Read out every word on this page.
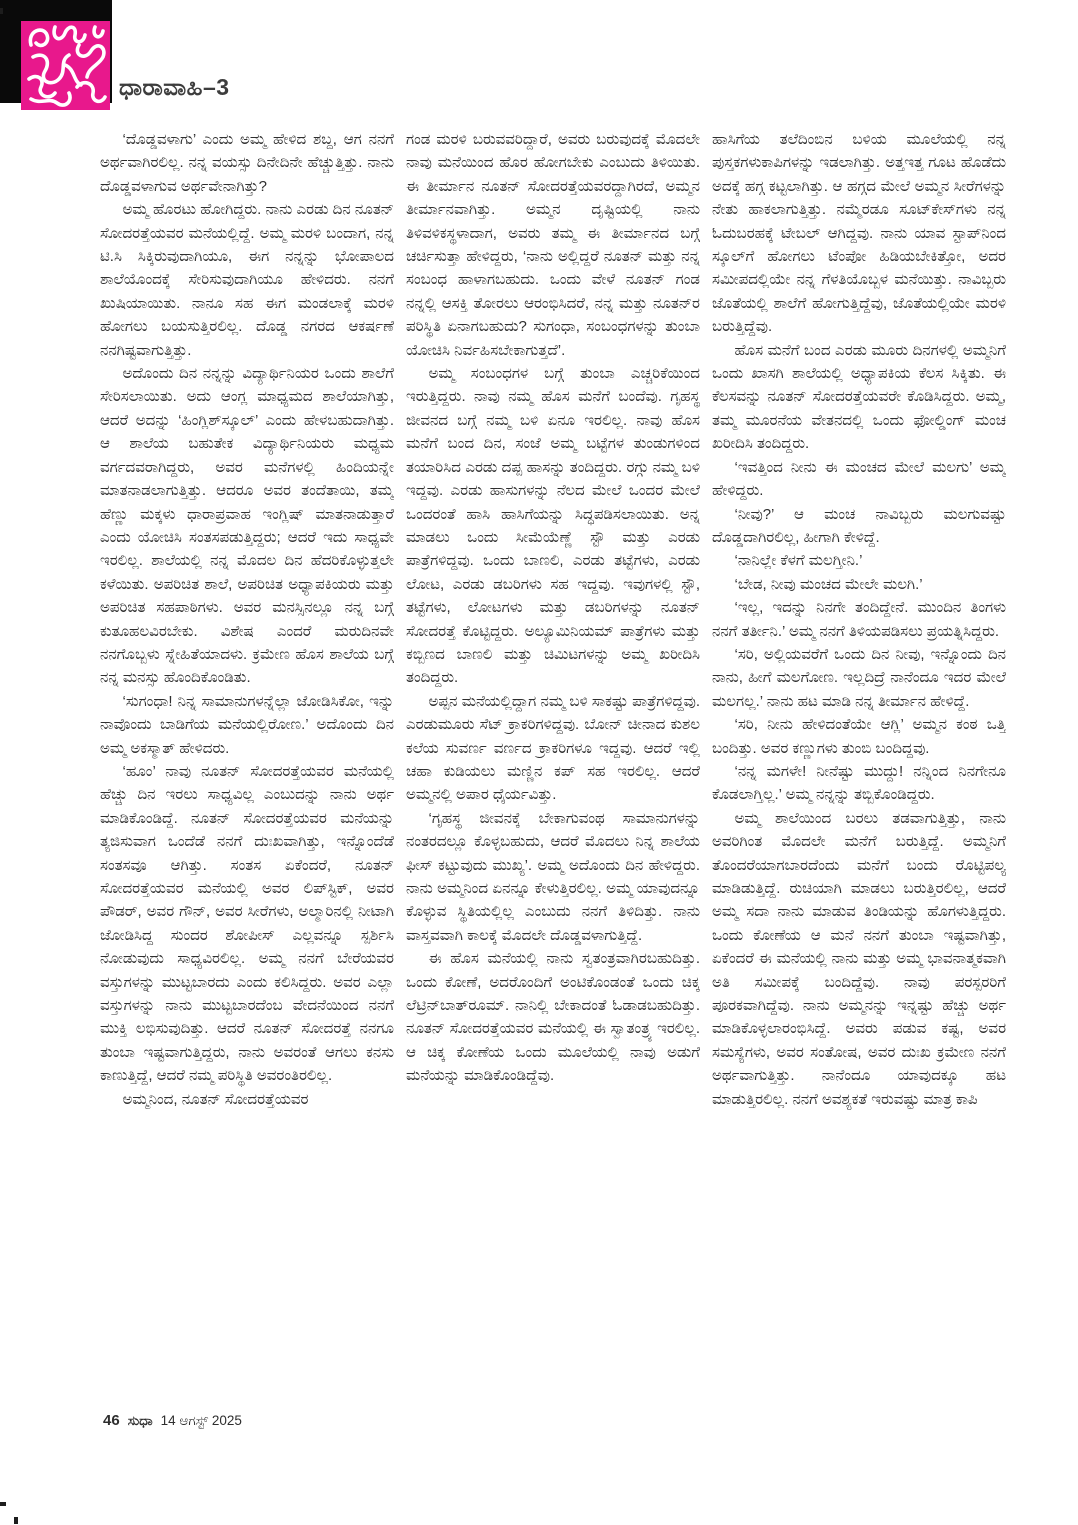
ಧಾರಾವಾಹಿ–3

‘ದೊಡ್ಡವಳಾಗು’ ಎಂದು ಅಮ್ಮ ಹೇಳಿದ ಶಬ್ದ, ಆಗ ನನಗೆ ಅರ್ಥವಾಗಿರಲಿಲ್ಲ. ನನ್ನ ವಯಸ್ಸು ದಿನೇದಿನೇ ಹೆಚ್ಚುತ್ತಿತ್ತು. ನಾನು ದೊಡ್ಡವಳಾಗುವ ಅರ್ಥವೇನಾಗಿತ್ತು?

ಅಮ್ಮ ಹೊರಟು ಹೋಗಿದ್ದರು. ನಾನು ಎರಡು ದಿನ ನೂತನ್ ಸೋದರತ್ತೆಯವರ ಮನೆಯಲ್ಲಿದ್ದೆ. ಅಮ್ಮ ಮರಳಿ ಬಂದಾಗ, ನನ್ನ ಟಿ.ಸಿ ಸಿಕ್ಕಿರುವುದಾಗಿಯೂ, ಈಗ ನನ್ನನ್ನು ಭೋಪಾಲದ ಶಾಲೆಯೊಂದಕ್ಕೆ ಸೇರಿಸುವುದಾಗಿಯೂ ಹೇಳಿದರು. ನನಗೆ ಖುಷಿಯಾಯಿತು. ನಾನೂ ಸಹ ಈಗ ಮಂಡಲಾಕ್ಕೆ ಮರಳಿ ಹೋಗಲು ಬಯಸುತ್ತಿರಲಿಲ್ಲ. ದೊಡ್ಡ ನಗರದ ಆಕರ್ಷಣೆ ನನಗಿಷ್ಟವಾಗುತ್ತಿತ್ತು.

ಅದೊಂದು ದಿನ ನನ್ನನ್ನು ವಿದ್ಯಾರ್ಥಿನಿಯರ ಒಂದು ಶಾಲೆಗೆ ಸೇರಿಸಲಾಯಿತು. ಅದು ಆಂಗ್ಲ ಮಾಧ್ಯಮದ ಶಾಲೆಯಾಗಿತ್ತು, ಆದರೆ ಅದನ್ನು ‘ಹಿಂಗ್ಲಿಶ್‌ಸ್ಕೂಲ್’ ಎಂದು ಹೇಳಬಹುದಾಗಿತ್ತು. ಆ ಶಾಲೆಯ ಬಹುತೇಕ ವಿದ್ಯಾರ್ಥಿನಿಯರು ಮಧ್ಯಮ ವರ್ಗದವರಾಗಿದ್ದರು, ಅವರ ಮನೆಗಳಲ್ಲಿ ಹಿಂದಿಯನ್ನೇ ಮಾತನಾಡಲಾಗುತ್ತಿತ್ತು. ಆದರೂ ಅವರ ತಂದೆತಾಯಿ, ತಮ್ಮ ಹೆಣ್ಣು ಮಕ್ಕಳು ಧಾರಾಪ್ರವಾಹ ಇಂಗ್ಲಿಷ್ ಮಾತನಾಡುತ್ತಾರೆ ಎಂದು ಯೋಚಿಸಿ ಸಂತಸಪಡುತ್ತಿದ್ದರು; ಆದರೆ ಇದು ಸಾಧ್ಯವೇ ಇರಲಿಲ್ಲ. ಶಾಲೆಯಲ್ಲಿ ನನ್ನ ಮೊದಲ ದಿನ ಹೆದರಿಕೊಳ್ಳುತ್ತಲೇ ಕಳೆಯಿತು. ಅಪರಿಚಿತ ಶಾಲೆ, ಅಪರಿಚಿತ ಅಧ್ಯಾಪಕಿಯರು ಮತ್ತು ಅಪರಿಚಿತ ಸಹಪಾಠಿಗಳು. ಅವರ ಮನಸ್ಸಿನಲ್ಲೂ ನನ್ನ ಬಗ್ಗೆ ಕುತೂಹಲವಿರಬೇಕು. ವಿಶೇಷ ಎಂದರೆ ಮರುದಿನವೇ ನನಗೊಬ್ಬಳು ಸ್ನೇಹಿತೆಯಾದಳು. ಕ್ರಮೇಣ ಹೊಸ ಶಾಲೆಯ ಬಗ್ಗೆ ನನ್ನ ಮನಸ್ಸು ಹೊಂದಿಕೊಂಡಿತು.

‘ಸುಗಂಧಾ! ನಿನ್ನ ಸಾಮಾನುಗಳನ್ನೆಲ್ಲಾ ಜೋಡಿಸಿಕೋ, ಇನ್ನು ನಾವೊಂದು ಬಾಡಿಗೆಯ ಮನೆಯಲ್ಲಿರೋಣ.’ ಅದೊಂದು ದಿನ ಅಮ್ಮ ಅಕಸ್ಮಾತ್ ಹೇಳಿದರು.

‘ಹೂಂ’ ನಾವು ನೂತನ್ ಸೋದರತ್ತೆಯವರ ಮನೆಯಲ್ಲಿ ಹೆಚ್ಚು ದಿನ ಇರಲು ಸಾಧ್ಯವಿಲ್ಲ ಎಂಬುದನ್ನು ನಾನು ಅರ್ಥ ಮಾಡಿಕೊಂಡಿದ್ದೆ. ನೂತನ್ ಸೋದರತ್ತೆಯವರ ಮನೆಯನ್ನು ತ್ಯಜಿಸುವಾಗ ಒಂದೆಡೆ ನನಗೆ ದುಃಖವಾಗಿತ್ತು, ಇನ್ನೊಂದೆಡೆ ಸಂತಸವೂ ಆಗಿತ್ತು. ಸಂತಸ ಏಕೆಂದರೆ, ನೂತನ್ ಸೋದರತ್ತೆಯವರ ಮನೆಯಲ್ಲಿ ಅವರ ಲಿಪ್‌ಸ್ಟಿಕ್, ಅವರ ಪೌಡರ್, ಅವರ ಗೌನ್, ಅವರ ಸೀರೆಗಳು, ಅಲ್ಮಾರಿನಲ್ಲಿ ನೀಟಾಗಿ ಜೋಡಿಸಿದ್ದ ಸುಂದರ ಶೋಪೀಸ್ ಎಲ್ಲವನ್ನೂ ಸ್ಪರ್ಶಿಸಿ ನೋಡುವುದು ಸಾಧ್ಯವಿರಲಿಲ್ಲ. ಅಮ್ಮ ನನಗೆ ಬೇರೆಯವರ ವಸ್ತುಗಳನ್ನು ಮುಟ್ಟಬಾರದು ಎಂದು ಕಲಿಸಿದ್ದರು. ಅವರ ಎಲ್ಲಾ ವಸ್ತುಗಳನ್ನು ನಾನು ಮುಟ್ಟಬಾರದೆಂಬ ವೇದನೆಯಿಂದ ನನಗೆ ಮುಕ್ತಿ ಲಭಿಸುವುದಿತ್ತು. ಆದರೆ ನೂತನ್ ಸೋದರತ್ತೆ ನನಗೂ ತುಂಬಾ ಇಷ್ಟವಾಗುತ್ತಿದ್ದರು, ನಾನು ಅವರಂತೆ ಆಗಲು ಕನಸು ಕಾಣುತ್ತಿದ್ದೆ, ಆದರೆ ನಮ್ಮ ಪರಿಸ್ಥಿತಿ ಅವರಂತಿರಲಿಲ್ಲ.

ಅಮ್ಮನಿಂದ, ನೂತನ್ ಸೋದರತ್ತೆಯವರ

ಗಂಡ ಮರಳಿ ಬರುವವರಿದ್ದಾರೆ, ಅವರು ಬರುವುದಕ್ಕೆ ಮೊದಲೇ ನಾವು ಮನೆಯಿಂದ ಹೊರ ಹೋಗಬೇಕು ಎಂಬುದು ತಿಳಿಯಿತು. ಈ ತೀರ್ಮಾನ ನೂತನ್ ಸೋದರತ್ತೆಯವರದ್ದಾಗಿರದೆ, ಅಮ್ಮನ ತೀರ್ಮಾನವಾಗಿತ್ತು. ಅಮ್ಮನ ದೃಷ್ಟಿಯಲ್ಲಿ ನಾನು ತಿಳಿವಳಿಕಸ್ಥಳಾದಾಗ, ಅವರು ತಮ್ಮ ಈ ತೀರ್ಮಾನದ ಬಗ್ಗೆ ಚರ್ಚಿಸುತ್ತಾ ಹೇಳಿದ್ದರು, ‘ನಾನು ಅಲ್ಲಿದ್ದರೆ ನೂತನ್ ಮತ್ತು ನನ್ನ ಸಂಬಂಧ ಹಾಳಾಗಬಹುದು. ಒಂದು ವೇಳೆ ನೂತನ್ ಗಂಡ ನನ್ನಲ್ಲಿ ಆಸಕ್ತಿ ತೋರಲು ಆರಂಭಿಸಿದರೆ, ನನ್ನ ಮತ್ತು ನೂತನ್‌ರ ಪರಿಸ್ಥಿತಿ ಏನಾಗಬಹುದು? ಸುಗಂಧಾ, ಸಂಬಂಧಗಳನ್ನು ತುಂಬಾ ಯೋಚಿಸಿ ನಿರ್ವಹಿಸಬೇಕಾಗುತ್ತದೆ’.

ಅಮ್ಮ ಸಂಬಂಧಗಳ ಬಗ್ಗೆ ತುಂಬಾ ಎಚ್ಚರಿಕೆಯಿಂದ ಇರುತ್ತಿದ್ದರು. ನಾವು ನಮ್ಮ ಹೊಸ ಮನೆಗೆ ಬಂದೆವು. ಗೃಹಸ್ಥ ಜೀವನದ ಬಗ್ಗೆ ನಮ್ಮ ಬಳಿ ಏನೂ ಇರಲಿಲ್ಲ. ನಾವು ಹೊಸ ಮನೆಗೆ ಬಂದ ದಿನ, ಸಂಜೆ ಅಮ್ಮ ಬಟ್ಟೆಗಳ ತುಂಡುಗಳಿಂದ ತಯಾರಿಸಿದ ಎರಡು ದಪ್ಪ ಹಾಸನ್ನು ತಂದಿದ್ದರು. ರಗ್ಗು ನಮ್ಮ ಬಳಿ ಇದ್ದವು. ಎರಡು ಹಾಸುಗಳನ್ನು ನೆಲದ ಮೇಲೆ ಒಂದರ ಮೇಲೆ ಒಂದರಂತೆ ಹಾಸಿ ಹಾಸಿಗೆಯನ್ನು ಸಿದ್ಧಪಡಿಸಲಾಯಿತು. ಅನ್ನ ಮಾಡಲು ಒಂದು ಸೀಮೆಯೆಣ್ಣೆ ಸ್ಟೌ ಮತ್ತು ಎರಡು ಪಾತ್ರೆಗಳಿದ್ದವು. ಒಂದು ಬಾಣಲಿ, ಎರಡು ತಟ್ಟೆಗಳು, ಎರಡು ಲೋಟ, ಎರಡು ಡಬರಿಗಳು ಸಹ ಇದ್ದವು. ಇವುಗಳಲ್ಲಿ ಸ್ಟೌ, ತಟ್ಟೆಗಳು, ಲೋಟಗಳು ಮತ್ತು ಡಬರಿಗಳನ್ನು ನೂತನ್ ಸೋದರತ್ತೆ ಕೊಟ್ಟಿದ್ದರು. ಅಲ್ಯೂಮಿನಿಯಮ್ ಪಾತ್ರೆಗಳು ಮತ್ತು ಕಬ್ಬಿಣದ ಬಾಣಲಿ ಮತ್ತು ಚಿಮಿಟಗಳನ್ನು ಅಮ್ಮ ಖರೀದಿಸಿ ತಂದಿದ್ದರು.

ಅಪ್ಪನ ಮನೆಯಲ್ಲಿದ್ದಾಗ ನಮ್ಮ ಬಳಿ ಸಾಕಷ್ಟು ಪಾತ್ರೆಗಳಿದ್ದವು. ಎರಡುಮೂರು ಸೆಟ್ ಕ್ರಾಕರಿಗಳಿದ್ದವು. ಬೋನ್ ಚೀನಾದ ಕುಶಲ ಕಲೆಯ ಸುವರ್ಣ ವರ್ಣದ ಕ್ರಾಕರಿಗಳೂ ಇದ್ದವು. ಆದರೆ ಇಲ್ಲಿ ಚಹಾ ಕುಡಿಯಲು ಮಣ್ಣಿನ ಕಪ್ ಸಹ ಇರಲಿಲ್ಲ. ಆದರೆ ಅಮ್ಮನಲ್ಲಿ ಅಪಾರ ಧೈರ್ಯವಿತ್ತು.

‘ಗೃಹಸ್ಥ ಜೀವನಕ್ಕೆ ಬೇಕಾಗುವಂಥ ಸಾಮಾನುಗಳನ್ನು ನಂತರದಲ್ಲೂ ಕೊಳ್ಳಬಹುದು, ಆದರೆ ಮೊದಲು ನಿನ್ನ ಶಾಲೆಯ ಫೀಸ್ ಕಟ್ಟುವುದು ಮುಖ್ಯ’. ಅಮ್ಮ ಅದೊಂದು ದಿನ ಹೇಳಿದ್ದರು. ನಾನು ಅಮ್ಮನಿಂದ ಏನನ್ನೂ ಕೇಳುತ್ತಿರಲಿಲ್ಲ. ಅಮ್ಮ ಯಾವುದನ್ನೂ ಕೊಳ್ಳುವ ಸ್ಥಿತಿಯಲ್ಲಿಲ್ಲ ಎಂಬುದು ನನಗೆ ತಿಳಿದಿತ್ತು. ನಾನು ವಾಸ್ತವವಾಗಿ ಕಾಲಕ್ಕೆ ಮೊದಲೇ ದೊಡ್ಡವಳಾಗುತ್ತಿದ್ದೆ.

ಈ ಹೊಸ ಮನೆಯಲ್ಲಿ ನಾನು ಸ್ವತಂತ್ರವಾಗಿರಬಹುದಿತ್ತು. ಒಂದು ಕೋಣೆ, ಅದರೊಂದಿಗೆ ಅಂಟಿಕೊಂಡಂತೆ ಒಂದು ಚಿಕ್ಕ ಲೆಟ್ರಿನ್‌ಬಾತ್‌ರೂಮ್. ನಾನಿಲ್ಲಿ ಬೇಕಾದಂತೆ ಓಡಾಡಬಹುದಿತ್ತು. ನೂತನ್ ಸೋದರತ್ತೆಯವರ ಮನೆಯಲ್ಲಿ ಈ ಸ್ವಾತಂತ್ರ್ಯ ಇರಲಿಲ್ಲ. ಆ ಚಿಕ್ಕ ಕೋಣೆಯ ಒಂದು ಮೂಲೆಯಲ್ಲಿ ನಾವು ಅಡುಗೆ ಮನೆಯನ್ನು ಮಾಡಿಕೊಂಡಿದ್ದೆವು.

ಹಾಸಿಗೆಯ ತಲೆದಿಂಬಿನ ಬಳಿಯ ಮೂಲೆಯಲ್ಲಿ ನನ್ನ ಪುಸ್ತಕಗಳುಕಾಪಿಗಳನ್ನು ಇಡಲಾಗಿತ್ತು. ಅತ್ತಇತ್ತ ಗೂಟ ಹೊಡೆದು ಅದಕ್ಕೆ ಹಗ್ಗ ಕಟ್ಟಲಾಗಿತ್ತು. ಆ ಹಗ್ಗದ ಮೇಲೆ ಅಮ್ಮನ ಸೀರೆಗಳನ್ನು ನೇತು ಹಾಕಲಾಗುತ್ತಿತ್ತು. ನಮ್ಮೆರಡೂ ಸೂಟ್‌ಕೇಸ್‌ಗಳು ನನ್ನ ಓದುಬರಹಕ್ಕೆ ಟೇಬಲ್ ಆಗಿದ್ದವು. ನಾನು ಯಾವ ಸ್ಟಾಪ್‌ನಿಂದ ಸ್ಕೂಲ್‌ಗೆ ಹೋಗಲು ಟೆಂಪೋ ಹಿಡಿಯಬೇಕಿತ್ತೋ, ಅದರ ಸಮೀಪದಲ್ಲಿಯೇ ನನ್ನ ಗೆಳತಿಯೊಬ್ಬಳ ಮನೆಯಿತ್ತು. ನಾವಿಬ್ಬರು ಜೊತೆಯಲ್ಲಿ ಶಾಲೆಗೆ ಹೋಗುತ್ತಿದ್ದೆವು, ಜೊತೆಯಲ್ಲಿಯೇ ಮರಳಿ ಬರುತ್ತಿದ್ದೆವು.

ಹೊಸ ಮನೆಗೆ ಬಂದ ಎರಡು ಮೂರು ದಿನಗಳಲ್ಲಿ ಅಮ್ಮನಿಗೆ ಒಂದು ಖಾಸಗಿ ಶಾಲೆಯಲ್ಲಿ ಅಧ್ಯಾಪಕಿಯ ಕೆಲಸ ಸಿಕ್ಕಿತು. ಈ ಕೆಲಸವನ್ನು ನೂತನ್ ಸೋದರತ್ತೆಯವರೇ ಕೊಡಿಸಿದ್ದರು. ಅಮ್ಮ, ತಮ್ಮ ಮೂರನೆಯ ವೇತನದಲ್ಲಿ ಒಂದು ಫೋಲ್ಡಿಂಗ್ ಮಂಚ ಖರೀದಿಸಿ ತಂದಿದ್ದರು.

‘ಇವತ್ತಿಂದ ನೀನು ಈ ಮಂಚದ ಮೇಲೆ ಮಲಗು’ ಅಮ್ಮ ಹೇಳಿದ್ದರು.

‘ನೀವು?’ ಆ ಮಂಚ ನಾವಿಬ್ಬರು ಮಲಗುವಷ್ಟು ದೊಡ್ಡದಾಗಿರಲಿಲ್ಲ, ಹೀಗಾಗಿ ಕೇಳಿದ್ದೆ.

‘ನಾನಿಲ್ಲೇ ಕೆಳಗೆ ಮಲಗ್ತೀನಿ.’

‘ಬೇಡ, ನೀವು ಮಂಚದ ಮೇಲೇ ಮಲಗಿ.’

‘ಇಲ್ಲ, ಇದನ್ನು ನಿನಗೇ ತಂದಿದ್ದೇನೆ. ಮುಂದಿನ ತಿಂಗಳು ನನಗೆ ತರ್ತೀನಿ.’ ಅಮ್ಮ ನನಗೆ ತಿಳಿಯಪಡಿಸಲು ಪ್ರಯತ್ನಿಸಿದ್ದರು.

‘ಸರಿ, ಅಲ್ಲಿಯವರೆಗೆ ಒಂದು ದಿನ ನೀವು, ಇನ್ನೊಂದು ದಿನ ನಾನು, ಹೀಗೆ ಮಲಗೋಣ. ಇಲ್ಲದಿದ್ರೆ ನಾನೆಂದೂ ಇದರ ಮೇಲೆ ಮಲಗಲ್ಲ.’ ನಾನು ಹಟ ಮಾಡಿ ನನ್ನ ತೀರ್ಮಾನ ಹೇಳಿದ್ದೆ.

‘ಸರಿ, ನೀನು ಹೇಳಿದಂತೆಯೇ ಆಗ್ಲಿ’ ಅಮ್ಮನ ಕಂಠ ಒತ್ತಿ ಬಂದಿತ್ತು. ಅವರ ಕಣ್ಣುಗಳು ತುಂಬಿ ಬಂದಿದ್ದವು.

‘ನನ್ನ ಮಗಳೇ! ನೀನೆಷ್ಟು ಮುದ್ದು! ನನ್ನಿಂದ ನಿನಗೇನೂ ಕೊಡಲಾಗ್ತಿಲ್ಲ.’ ಅಮ್ಮ ನನ್ನನ್ನು ತಬ್ಬಿಕೊಂಡಿದ್ದರು.

ಅಮ್ಮ ಶಾಲೆಯಿಂದ ಬರಲು ತಡವಾಗುತ್ತಿತ್ತು, ನಾನು ಅವರಿಗಿಂತ ಮೊದಲೇ ಮನೆಗೆ ಬರುತ್ತಿದ್ದೆ. ಅಮ್ಮನಿಗೆ ತೊಂದರೆಯಾಗಬಾರದೆಂದು ಮನೆಗೆ ಬಂದು ರೊಟ್ಟಿಪಲ್ಯ ಮಾಡಿಡುತ್ತಿದ್ದೆ. ರುಚಿಯಾಗಿ ಮಾಡಲು ಬರುತ್ತಿರಲಿಲ್ಲ, ಆದರೆ ಅಮ್ಮ ಸದಾ ನಾನು ಮಾಡುವ ತಿಂಡಿಯನ್ನು ಹೊಗಳುತ್ತಿದ್ದರು. ಒಂದು ಕೋಣೆಯ ಆ ಮನೆ ನನಗೆ ತುಂಬಾ ಇಷ್ಟವಾಗಿತ್ತು, ಏಕೆಂದರೆ ಈ ಮನೆಯಲ್ಲಿ ನಾನು ಮತ್ತು ಅಮ್ಮ ಭಾವನಾತ್ಮಕವಾಗಿ ಅತಿ ಸಮೀಪಕ್ಕೆ ಬಂದಿದ್ದೆವು. ನಾವು ಪರಸ್ಪರರಿಗೆ ಪೂರಕವಾಗಿದ್ದೆವು. ನಾನು ಅಮ್ಮನನ್ನು ಇನ್ನಷ್ಟು ಹೆಚ್ಚು ಅರ್ಥ ಮಾಡಿಕೊಳ್ಳಲಾರಂಭಿಸಿದ್ದೆ. ಅವರು ಪಡುವ ಕಷ್ಟ, ಅವರ ಸಮಸ್ಯೆಗಳು, ಅವರ ಸಂತೋಷ, ಅವರ ದುಃಖ ಕ್ರಮೇಣ ನನಗೆ ಅರ್ಥವಾಗುತ್ತಿತ್ತು. ನಾನೆಂದೂ ಯಾವುದಕ್ಕೂ ಹಟ ಮಾಡುತ್ತಿರಲಿಲ್ಲ. ನನಗೆ ಅವಶ್ಯಕತೆ ಇರುವಷ್ಟು ಮಾತ್ರ ಕಾಪಿ

46 ಸುಧಾ 14 ಆಗಸ್ಟ್ 2025
